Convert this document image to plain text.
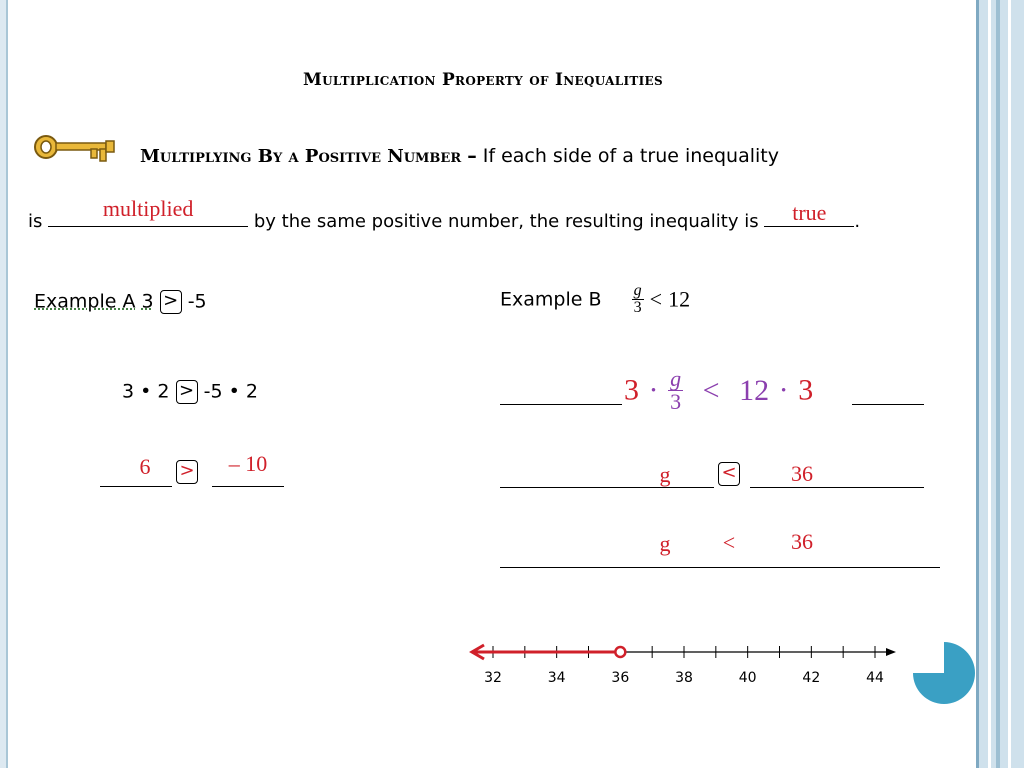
Multiplication Property of Inequalities
Multiplying By a Positive Number – If each side of a true inequality
is
multiplied
by the same positive number, the resulting inequality is	true	.
Example A 3 > -5
3 • 2 > -5 • 2
6	>	– 10
Example B $\frac{g}{3} < 12$
$3 \cdot \frac{g}{3} < 12 \cdot 3$
g	<	36
g	<	36
32	34	36	38	40	42	44
